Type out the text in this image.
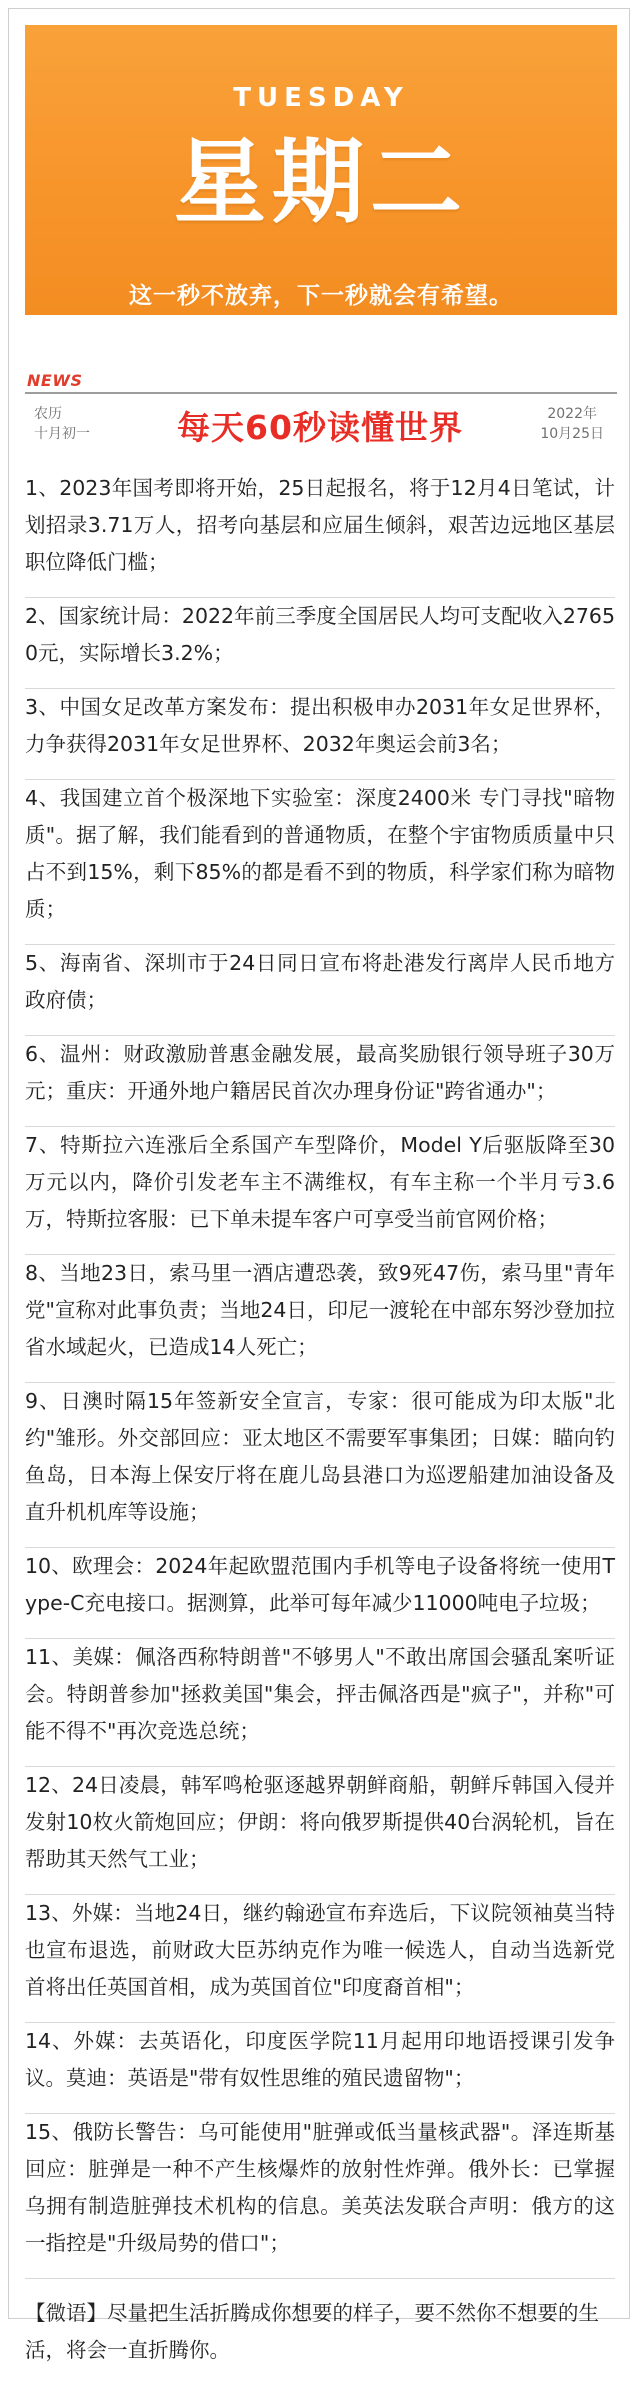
TUESDAY
星期二
这一秒不放弃，下一秒就会有希望。
NEWS
农历
十月初一	每天60秒读懂世界	2022年
10月25日

1、2023年国考即将开始，25日起报名，将于12月4日笔试，计划招录3.71万人，招考向基层和应届生倾斜，艰苦边远地区基层职位降低门槛；

2、国家统计局：2022年前三季度全国居民人均可支配收入27650元，实际增长3.2%；

3、中国女足改革方案发布：提出积极申办2031年女足世界杯，力争获得2031年女足世界杯、2032年奥运会前3名；

4、我国建立首个极深地下实验室：深度2400米 专门寻找"暗物质"。据了解，我们能看到的普通物质，在整个宇宙物质质量中只占不到15%，剩下85%的都是看不到的物质，科学家们称为暗物质；

5、海南省、深圳市于24日同日宣布将赴港发行离岸人民币地方政府债；

6、温州：财政激励普惠金融发展，最高奖励银行领导班子30万元；重庆：开通外地户籍居民首次办理身份证"跨省通办"；

7、特斯拉六连涨后全系国产车型降价，Model Y后驱版降至30万元以内，降价引发老车主不满维权，有车主称一个半月亏3.6万，特斯拉客服：已下单未提车客户可享受当前官网价格；

8、当地23日，索马里一酒店遭恐袭，致9死47伤，索马里"青年党"宣称对此事负责；当地24日，印尼一渡轮在中部东努沙登加拉省水域起火，已造成14人死亡；

9、日澳时隔15年签新安全宣言，专家：很可能成为印太版"北约"雏形。外交部回应：亚太地区不需要军事集团；日媒：瞄向钓鱼岛，日本海上保安厅将在鹿儿岛县港口为巡逻船建加油设备及直升机机库等设施；

10、欧理会：2024年起欧盟范围内手机等电子设备将统一使用Type-C充电接口。据测算，此举可每年减少11000吨电子垃圾；

11、美媒：佩洛西称特朗普"不够男人"不敢出席国会骚乱案听证会。特朗普参加"拯救美国"集会，抨击佩洛西是"疯子"，并称"可能不得不"再次竞选总统；

12、24日凌晨，韩军鸣枪驱逐越界朝鲜商船，朝鲜斥韩国入侵并发射10枚火箭炮回应；伊朗：将向俄罗斯提供40台涡轮机，旨在帮助其天然气工业；

13、外媒：当地24日，继约翰逊宣布弃选后，下议院领袖莫当特也宣布退选，前财政大臣苏纳克作为唯一候选人，自动当选新党首将出任英国首相，成为英国首位"印度裔首相"；

14、外媒：去英语化，印度医学院11月起用印地语授课引发争议。莫迪：英语是"带有奴性思维的殖民遗留物"；

15、俄防长警告：乌可能使用"脏弹或低当量核武器"。泽连斯基回应：脏弹是一种不产生核爆炸的放射性炸弹。俄外长：已掌握乌拥有制造脏弹技术机构的信息。美英法发联合声明：俄方的这一指控是"升级局势的借口"；

【微语】尽量把生活折腾成你想要的样子，要不然你不想要的生活，将会一直折腾你。
